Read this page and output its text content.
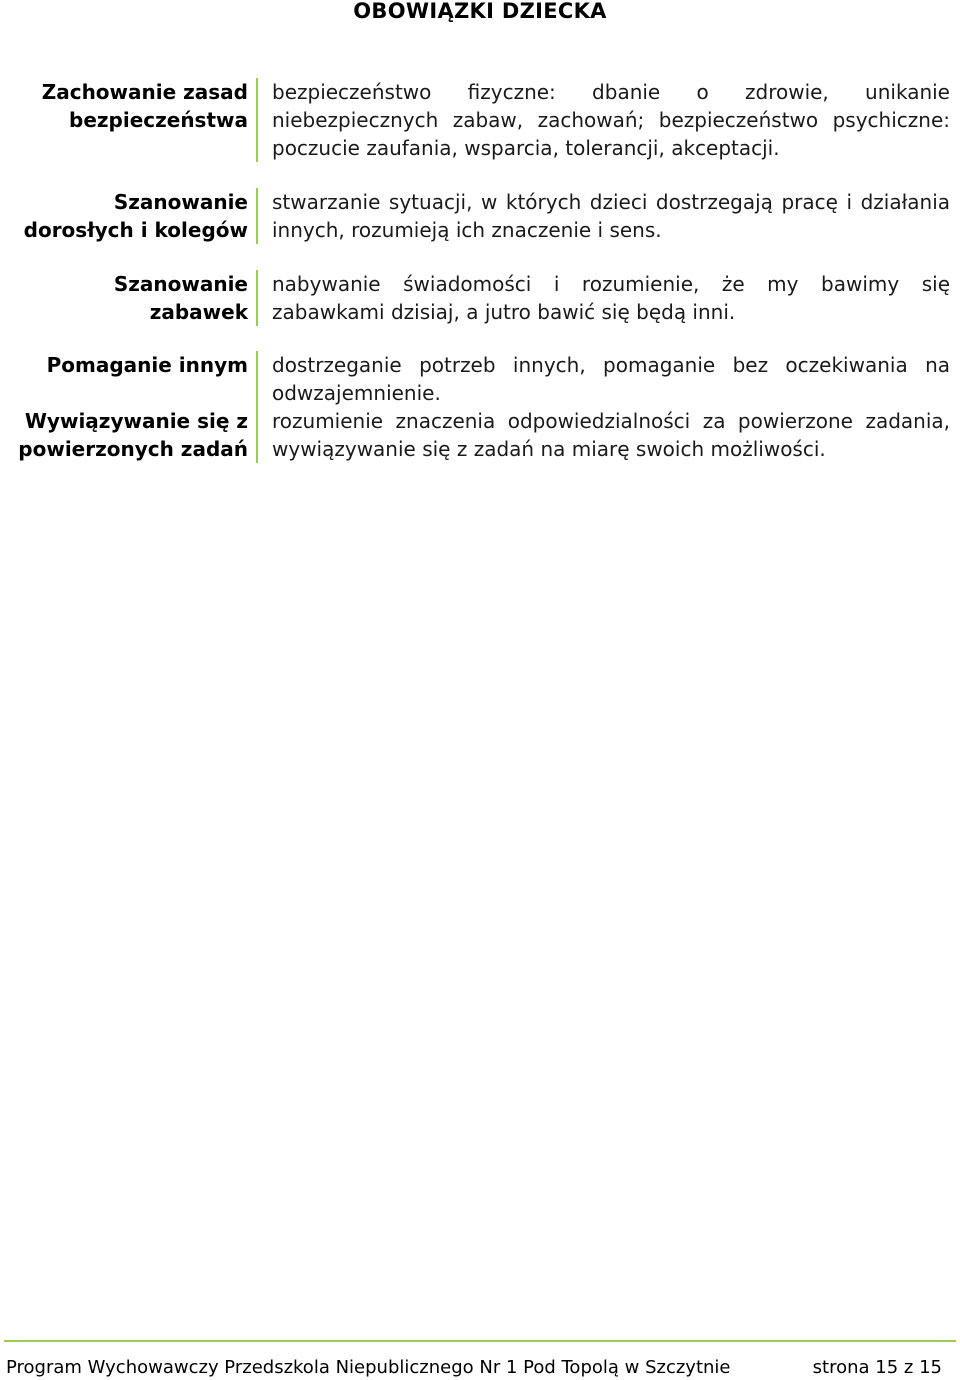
OBOWIĄZKI DZIECKA
Zachowanie zasad
bezpieczeństwa
bezpieczeństwo fizyczne: dbanie o zdrowie, unikanie niebezpiecznych zabaw, zachowań; bezpieczeństwo psychiczne: poczucie zaufania, wsparcia, tolerancji, akceptacji.
Szanowanie
dorosłych i kolegów
stwarzanie sytuacji, w których dzieci dostrzegają pracę i działania innych, rozumieją ich znaczenie i sens.
Szanowanie
zabawek
nabywanie świadomości i rozumienie, że my bawimy się zabawkami dzisiaj, a jutro bawić się będą inni.
Pomaganie innym	dostrzeganie potrzeb innych, pomaganie bez oczekiwania na odwzajemnienie.
Wywiązywanie się z
powierzonych zadań
rozumienie znaczenia odpowiedzialności za powierzone zadania, wywiązywanie się z zadań na miarę swoich możliwości.
Program Wychowawczy Przedszkola Niepublicznego Nr 1 Pod Topolą w Szczytnie	strona 15 z 15
